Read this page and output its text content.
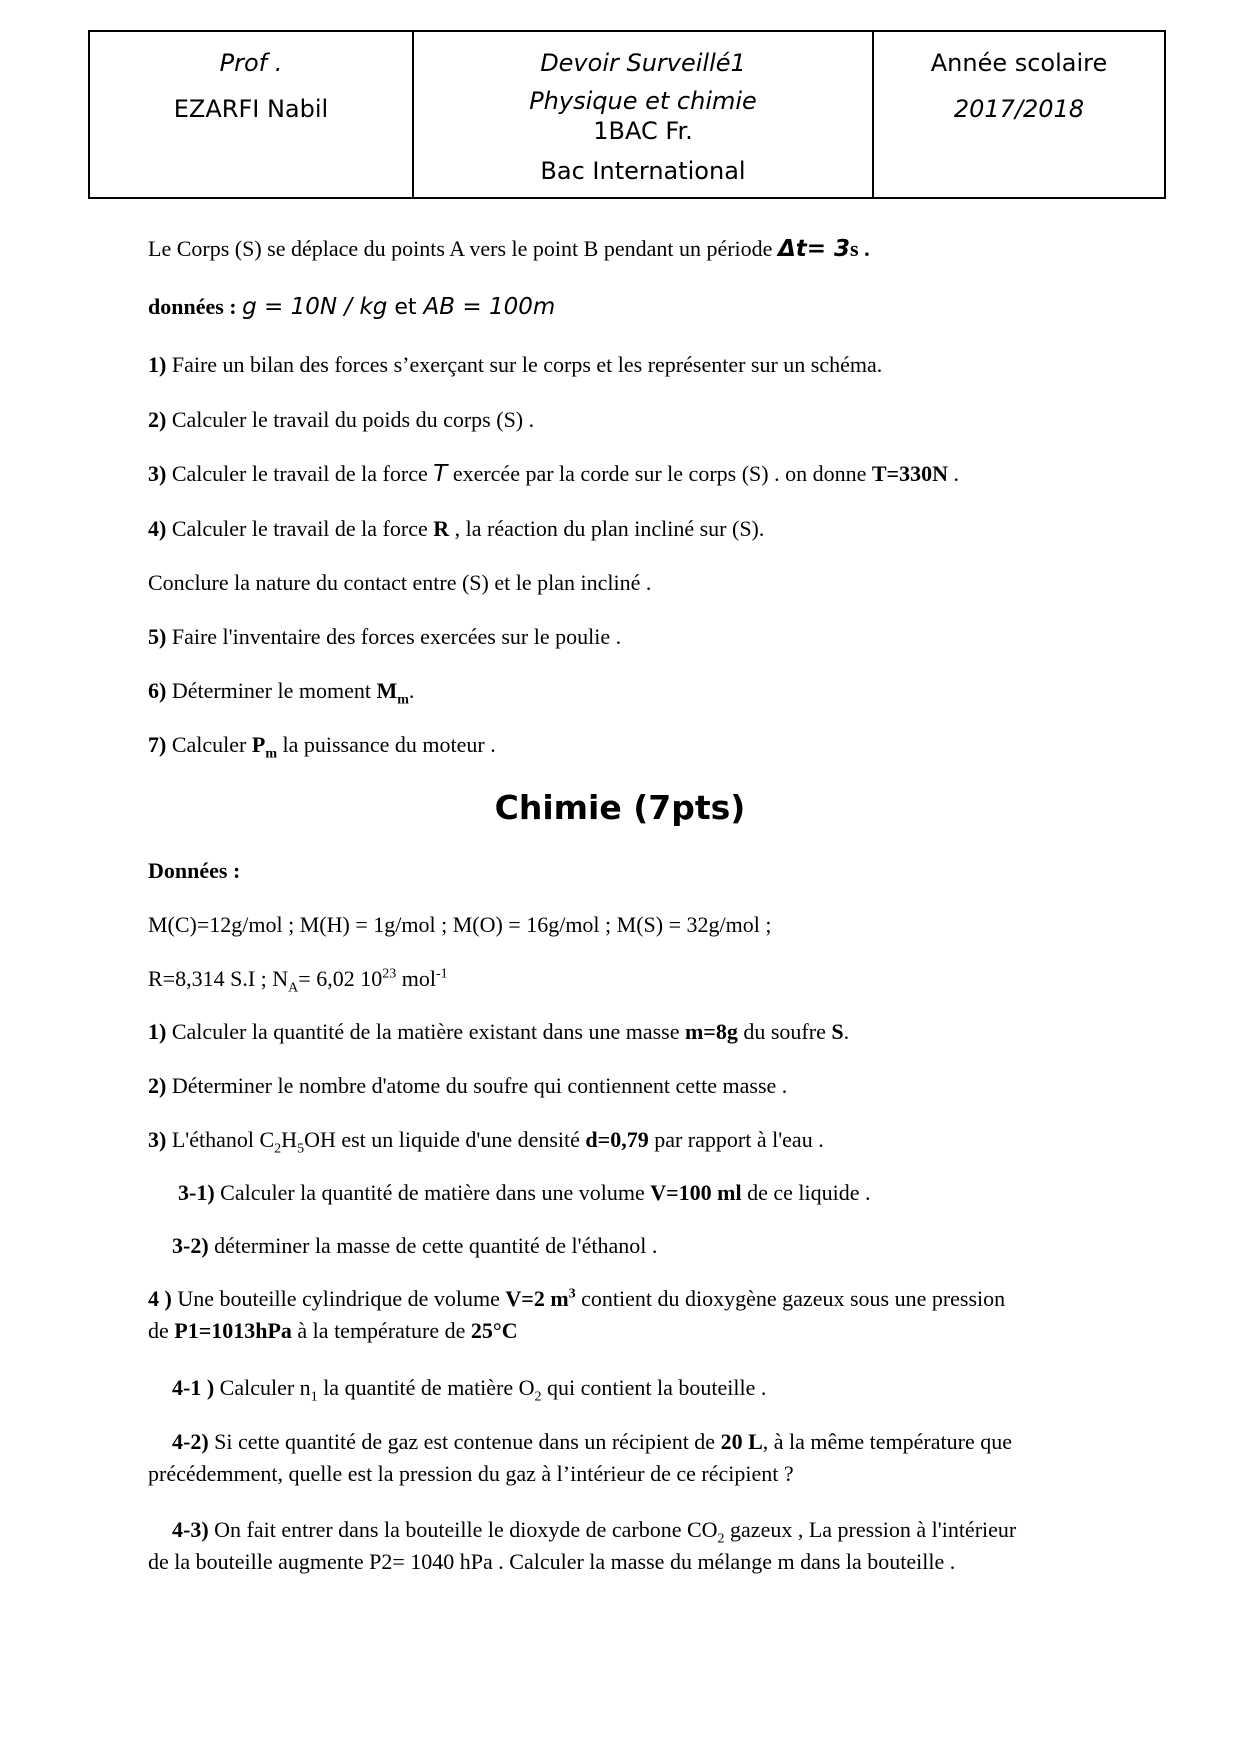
Prof .
EZARFI Nabil
Devoir Surveillé1
Physique et chimie
1BAC Fr.
Bac International
Année scolaire
2017/2018
Le Corps (S) se déplace du points A vers le point B pendant un période Δt= 3s .
données : g = 10N / kg et AB = 100m
1) Faire un bilan des forces s’exerçant sur le corps et les représenter sur un schéma.
2) Calculer le travail du poids du corps (S) .
3) Calculer le travail de la force T exercée par la corde sur le corps (S) . on donne T=330N .
4) Calculer le travail de la force R , la réaction du plan incliné sur (S).
Conclure la nature du contact entre (S) et le plan incliné .
5) Faire l'inventaire des forces exercées sur le poulie .
6) Déterminer le moment $M_m$.
7) Calculer $P_m$ la puissance du moteur .
Données :
M(C)=12g/mol ; M(H) = 1g/mol ; M(O) = 16g/mol ; M(S) = 32g/mol ;
R=8,314 S.I ; $N_A= 6,02$ $10^{23}$ mol$^{-1}$
1) Calculer la quantité de la matière existant dans une masse m=8g du soufre S.
2) Déterminer le nombre d'atome du soufre qui contiennent cette masse .
3) L'éthanol $C_2H_5OH$ est un liquide d'une densité d=0,79 par rapport à l'eau .
3-1) Calculer la quantité de matière dans une volume V=100 ml de ce liquide .
3-2) déterminer la masse de cette quantité de l'éthanol .
4 ) Une bouteille cylindrique de volume V=2 $m^3$ contient du dioxygène gazeux sous une pression
de P1=1013hPa à la température de 25°C
4-1 ) Calculer $n_1$ la quantité de matière $O_2$ qui contient la bouteille .
4-2) Si cette quantité de gaz est contenue dans un récipient de 20 L, à la même température que
précédemment, quelle est la pression du gaz à l’intérieur de ce récipient ?
4-3) On fait entrer dans la bouteille le dioxyde de carbone $CO_2$ gazeux , La pression à l'intérieur
de la bouteille augmente P2= 1040 hPa . Calculer la masse du mélange m dans la bouteille .
Chimie (7pts)
